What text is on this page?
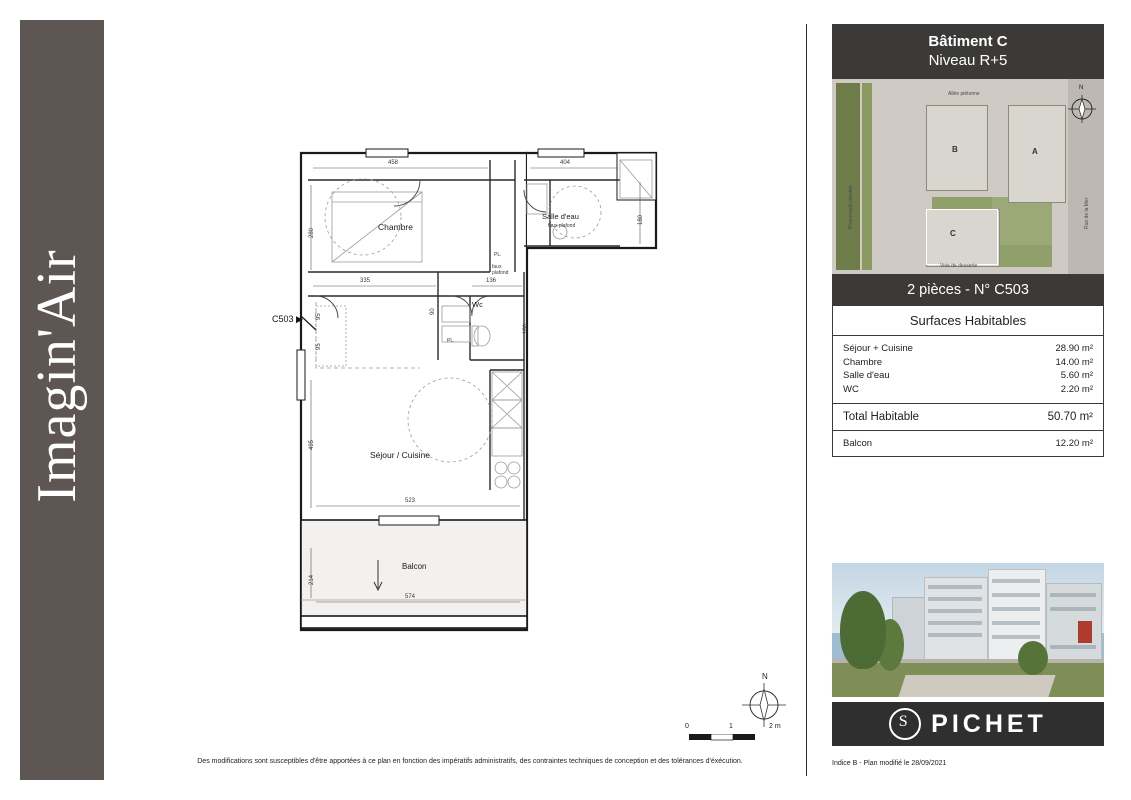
Imagin'Air
Chambre
Salle d'eau
faux plafond
Wc
Séjour / Cuisine
Balcon
PL.
PL.
faux
plafond
458	404
280
180
335	136
160
90
95
95
495
523
214
574
C503 ▶
N
0	1	2 m
Des modifications sont susceptibles d'être apportées à ce plan en fonction des impératifs administratifs, des contraintes techniques de conception et des tolérances d'éxécution.
Bâtiment C
Niveau R+5
A
B
C
Promenade plantée	Rue de la Mer
Allée piétonne
Voie de desserte
N
2 pièces - N° C503
Surfaces Habitables
Séjour + Cuisine	28.90 m²
Chambre	14.00 m²
Salle d'eau	5.60 m²
WC	2.20 m²
Total Habitable	50.70 m²
Balcon	12.20 m²
S PICHET
Indice B - Plan modifié le 28/09/2021
